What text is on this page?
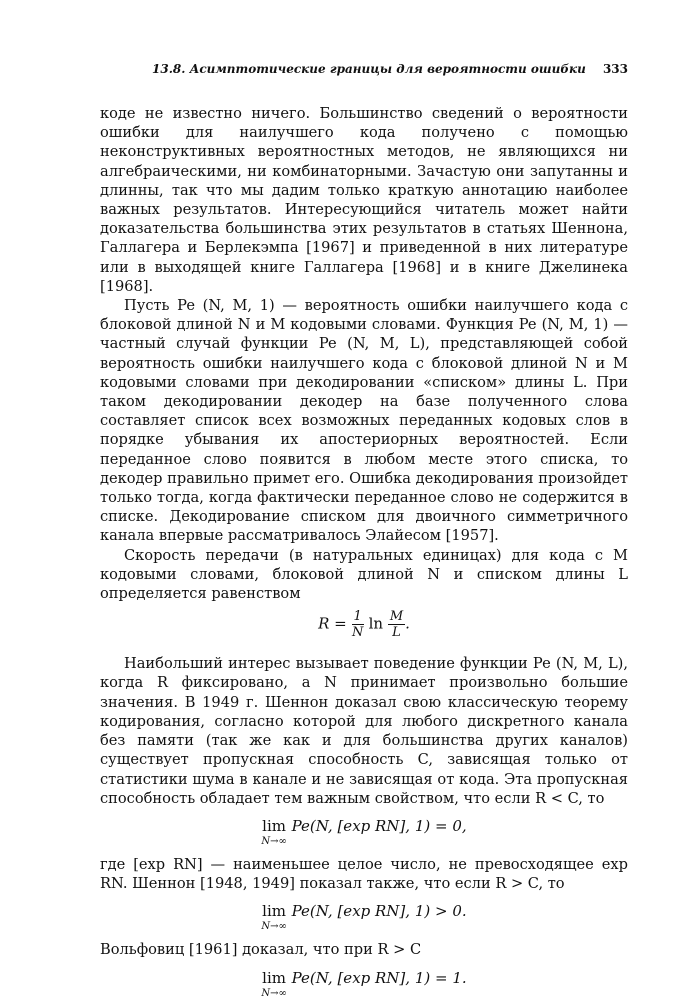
13.8. Асимптотические границы для вероятности ошибки 333

коде не известно ничего. Большинство сведений о вероятности ошибки для наилучшего кода получено с помощью неконструктивных вероятностных методов, не являющихся ни алгебраическими, ни комбинаторными. Зачастую они запутанны и длинны, так что мы дадим только краткую аннотацию наиболее важных результатов. Интересующийся читатель может найти доказательства большинства этих результатов в статьях Шеннона, Галлагера и Берлекэмпа [1967] и приведенной в них литературе или в выходящей книге Галлагера [1968] и в книге Джелинека [1968].

Пусть Pe (N, M, 1) — вероятность ошибки наилучшего кода с блоковой длиной N и M кодовыми словами. Функция Pe (N, M, 1) — частный случай функции Pe (N, M, L), представляющей собой вероятность ошибки наилучшего кода с блоковой длиной N и M кодовыми словами при декодировании «списком» длины L. При таком декодировании декодер на базе полученного слова составляет список всех возможных переданных кодовых слов в порядке убывания их апостериорных вероятностей. Если переданное слово появится в любом месте этого списка, то декодер правильно примет его. Ошибка декодирования произойдет только тогда, когда фактически переданное слово не содержится в списке. Декодирование списком для двоичного симметричного канала впервые рассматривалось Элайесом [1957].

Скорость передачи (в натуральных единицах) для кода с M кодовыми словами, блоковой длиной N и списком длины L определяется равенством

$R = \frac{1}{N}$ $\ln \frac{M}{L}$ .

Наибольший интерес вызывает поведение функции Pe (N, M, L), когда R фиксировано, а N принимает произвольно большие значения. В 1949 г. Шеннон доказал свою классическую теорему кодирования, согласно которой для любого дискретного канала без памяти (так же как и для большинства других каналов) существует пропускная способность C, зависящая только от статистики шума в канале и не зависящая от кода. Эта пропускная способность обладает тем важным свойством, что если R < C, то

lim
N→∞
Pe(N, [exp RN], 1) = 0,

где [exp RN] — наименьшее целое число, не превосходящее exp RN. Шеннон [1948, 1949] показал также, что если R > C, то

lim
N→∞
Pe(N, [exp RN], 1) > 0.

Вольфовиц [1961] доказал, что при R > C

lim
N→∞
Pe(N, [exp RN], 1) = 1.
